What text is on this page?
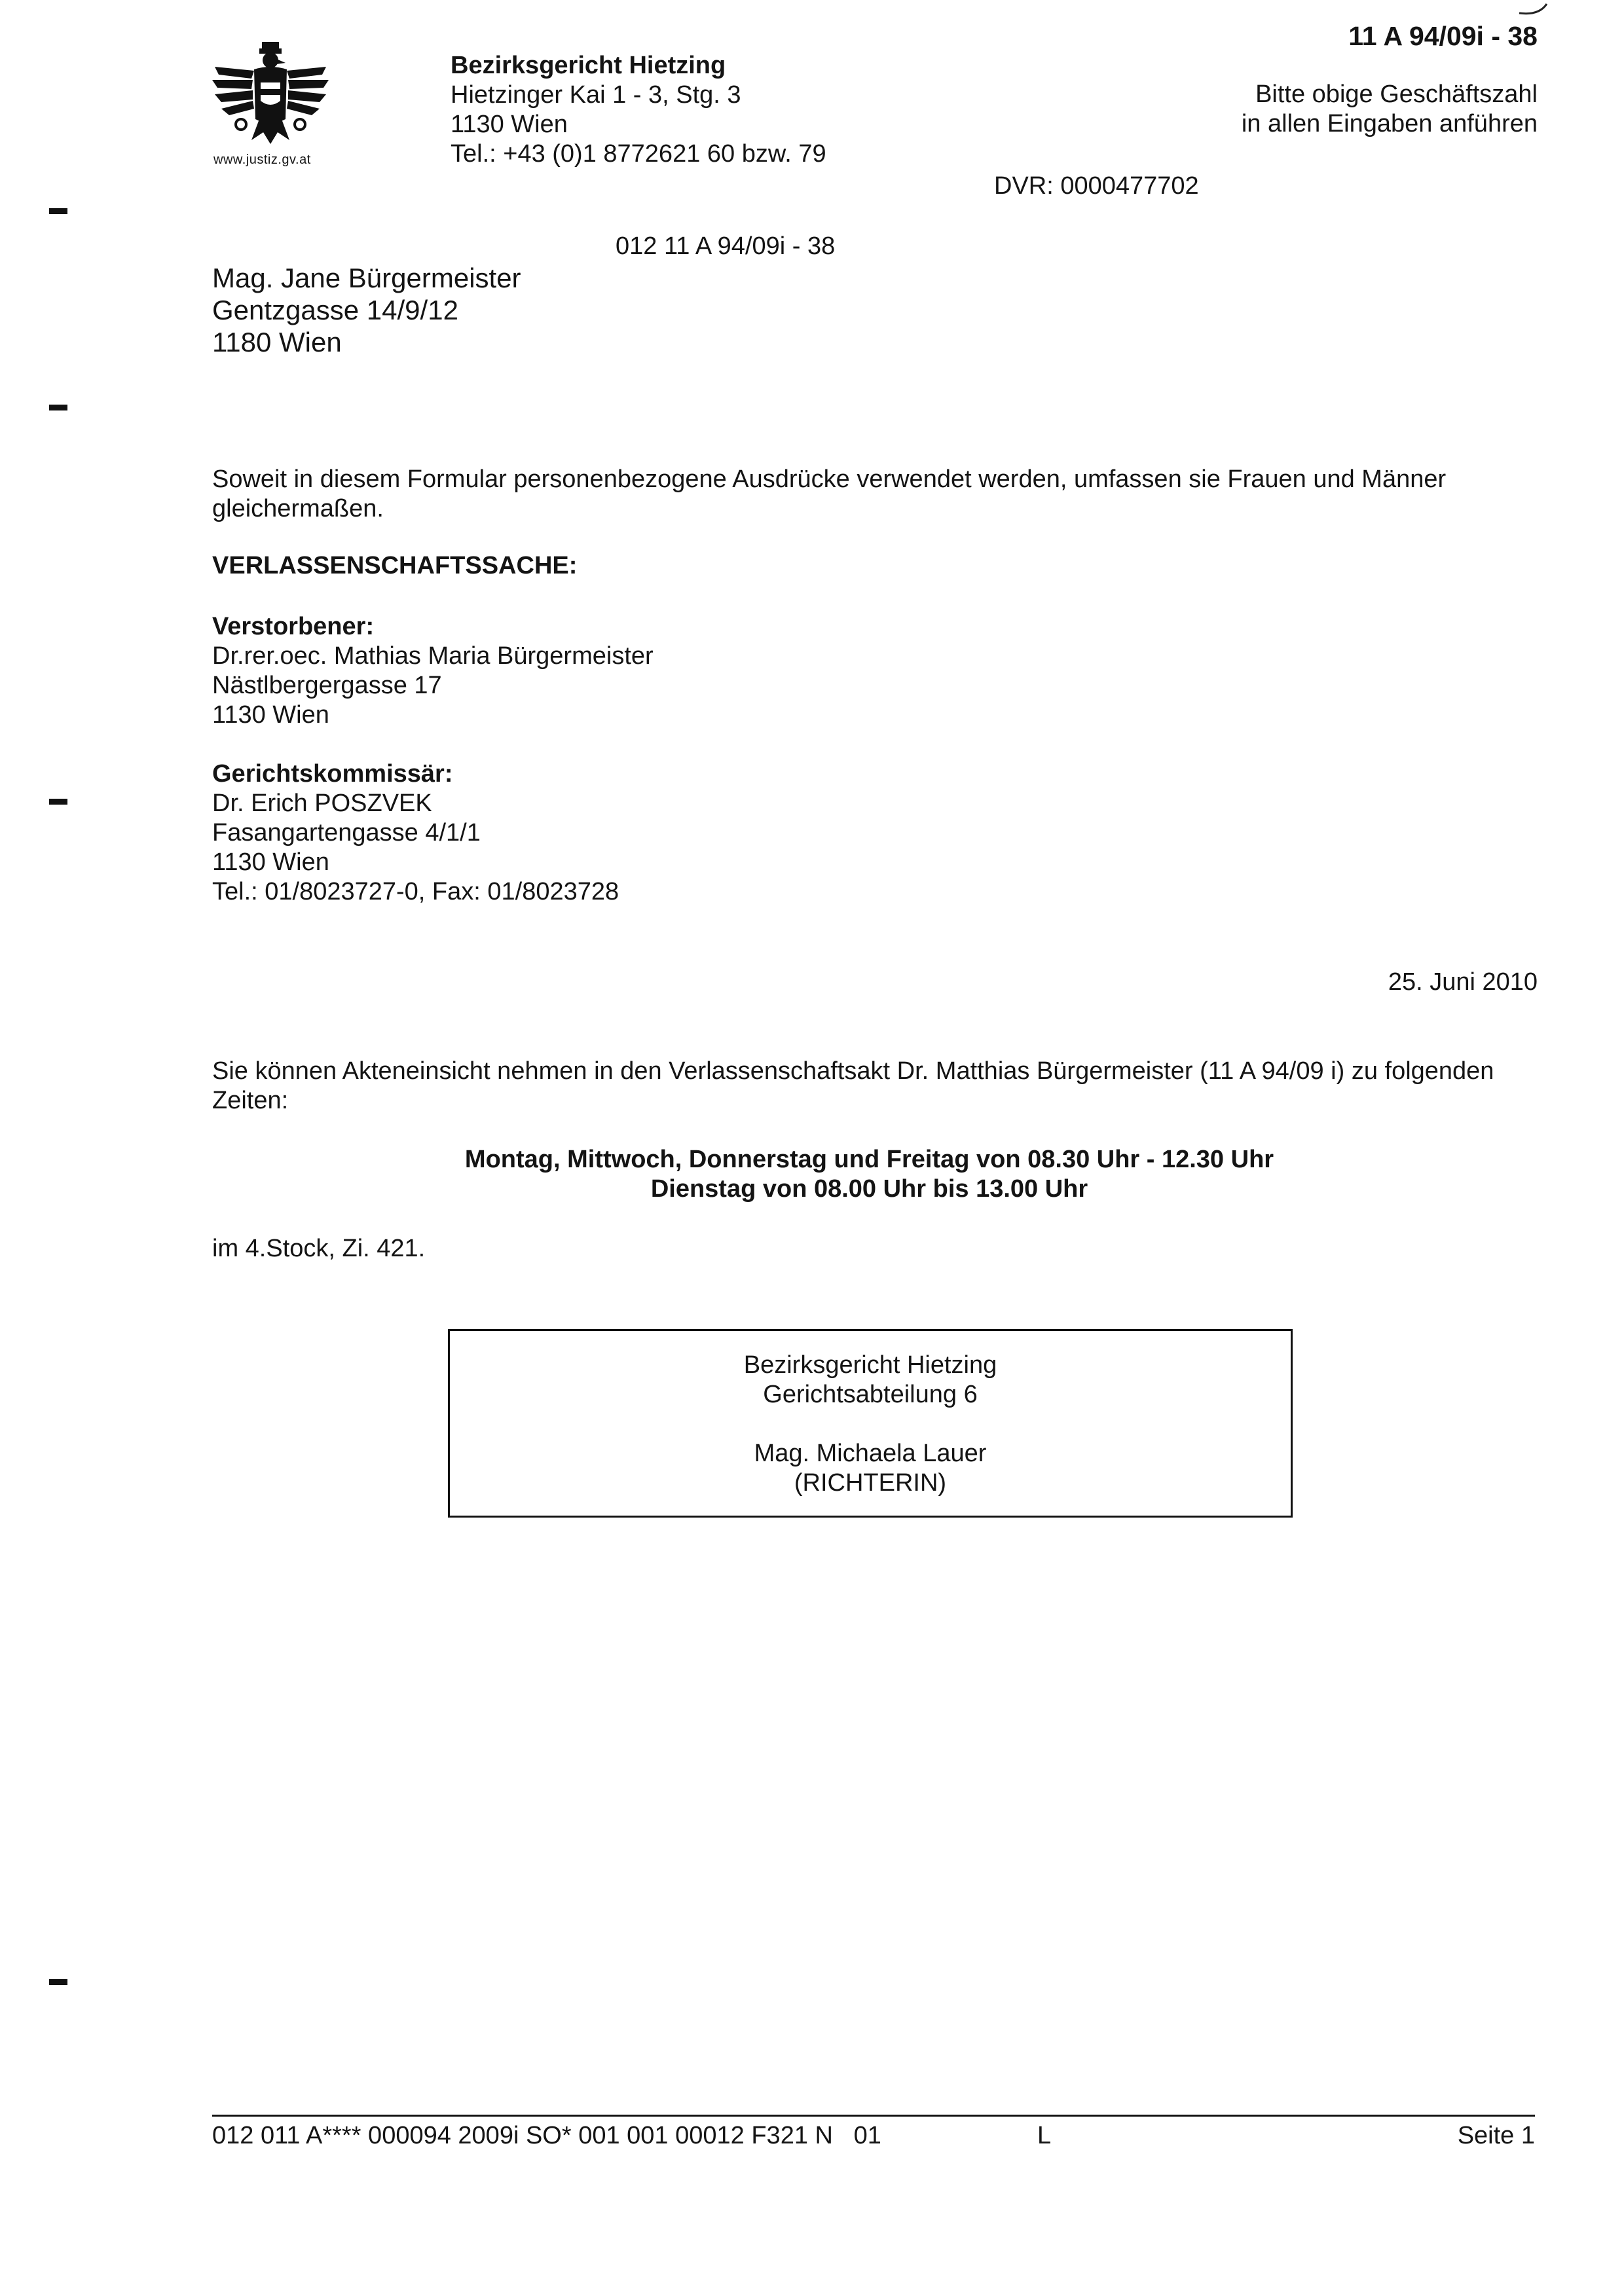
www.justiz.gv.at
Bezirksgericht Hietzing
Hietzinger Kai 1 - 3, Stg. 3
1130 Wien
Tel.: +43 (0)1 8772621 60 bzw. 79
11 A 94/09i - 38
Bitte obige Geschäftszahl
in allen Eingaben anführen
DVR: 0000477702
012 11 A 94/09i - 38
Mag. Jane Bürgermeister
Gentzgasse 14/9/12
1180 Wien
Soweit in diesem Formular personenbezogene Ausdrücke verwendet werden, umfassen sie Frauen und Männer gleichermaßen.
VERLASSENSCHAFTSSACHE:
Verstorbener:
Dr.rer.oec. Mathias Maria Bürgermeister
Nästlbergergasse 17
1130 Wien
Gerichtskommissär:
Dr. Erich POSZVEK
Fasangartengasse 4/1/1
1130 Wien
Tel.: 01/8023727-0, Fax: 01/8023728
25. Juni 2010
Sie können Akteneinsicht nehmen in den Verlassenschaftsakt Dr. Matthias Bürgermeister (11 A 94/09 i) zu folgenden Zeiten:
Montag, Mittwoch, Donnerstag und Freitag von 08.30 Uhr - 12.30 Uhr
Dienstag von 08.00 Uhr bis 13.00 Uhr
im 4.Stock, Zi. 421.
Bezirksgericht Hietzing
Gerichtsabteilung 6
Mag. Michaela Lauer
(RICHTERIN)
012 011 A**** 000094 2009i SO* 001 001 00012 F321 N   01	L	Seite 1
